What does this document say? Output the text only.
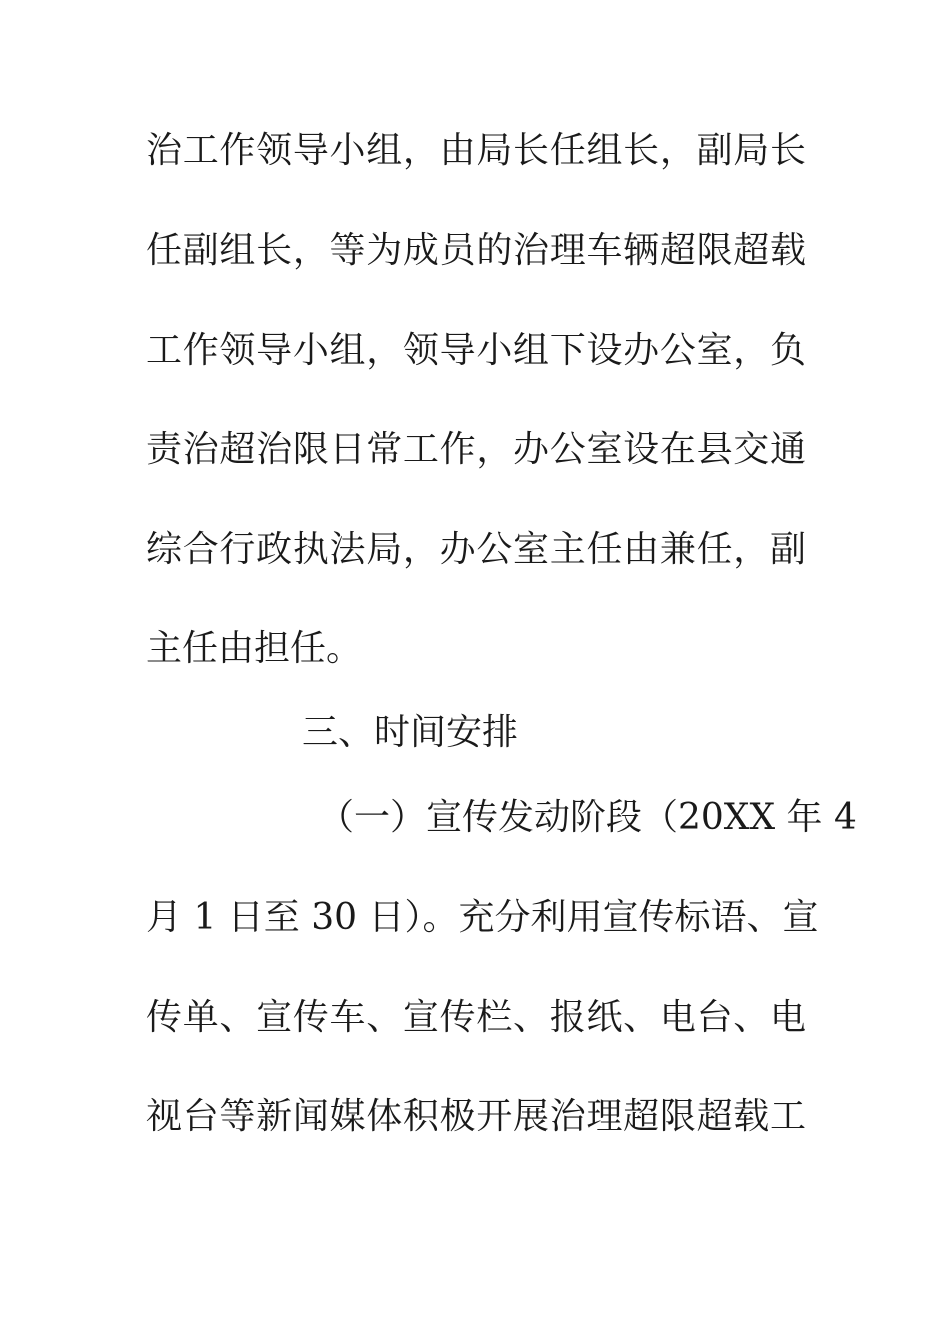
治工作领导小组，由局长任组长，副局长
任副组长，等为成员的治理车辆超限超载
工作领导小组，领导小组下设办公室，负
责治超治限日常工作，办公室设在县交通
综合行政执法局，办公室主任由兼任，副
主任由担任。
三、时间安排
（一）宣传发动阶段（20XX 年 4
月 1 日至 30 日）。充分利用宣传标语、宣
传单、宣传车、宣传栏、报纸、电台、电
视台等新闻媒体积极开展治理超限超载工
